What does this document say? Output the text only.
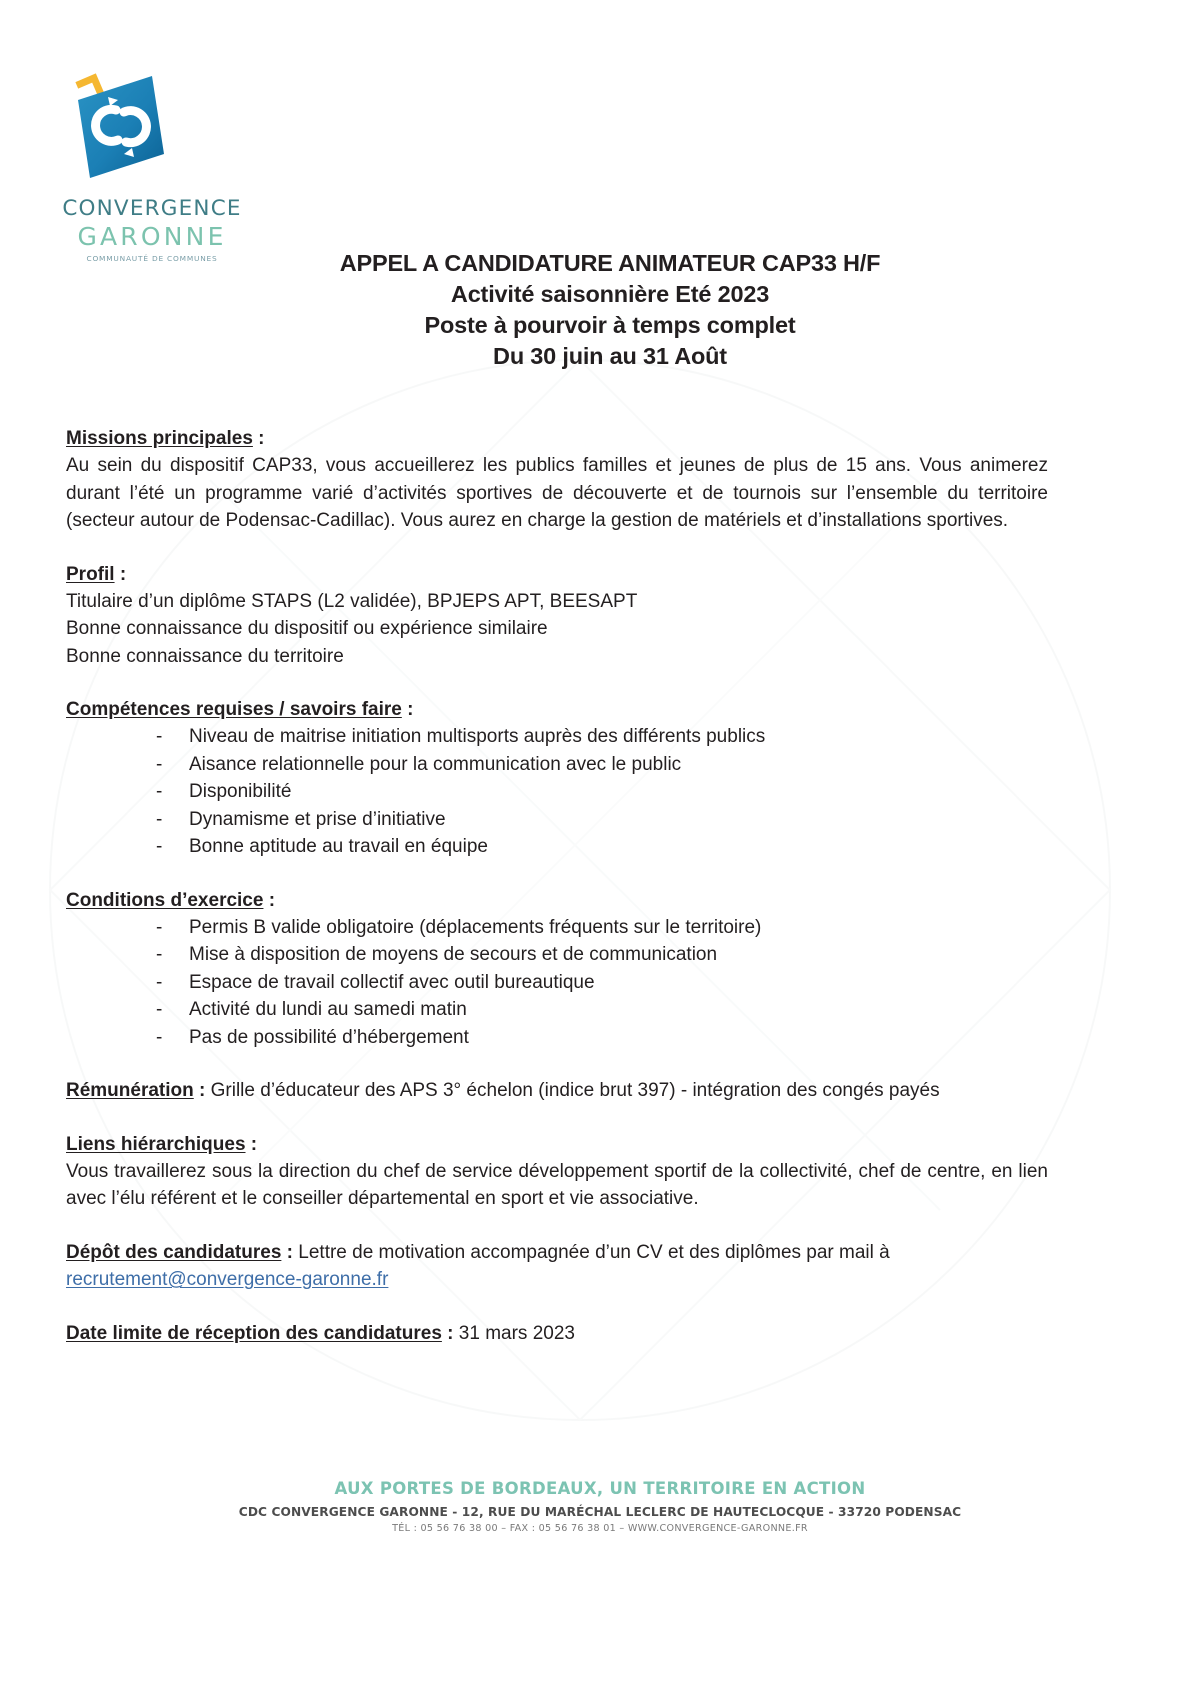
CONVERGENCE
GARONNE
COMMUNAUTÉ DE COMMUNES	APPEL A CANDIDATURE ANIMATEUR CAP33 H/F
Activité saisonnière Eté 2023
Poste à pourvoir à temps complet
Du 30 juin au 31 Août
Missions principales :
Au sein du dispositif CAP33, vous accueillerez les publics familles et jeunes de plus de 15 ans. Vous animerez durant l’été un programme varié d’activités sportives de découverte et de tournois sur l’ensemble du territoire (secteur autour de Podensac-Cadillac). Vous aurez en charge la gestion de matériels et d’installations sportives.
Profil :
Titulaire d’un diplôme STAPS (L2 validée), BPJEPS APT, BEESAPT
Bonne connaissance du dispositif ou expérience similaire
Bonne connaissance du territoire
Compétences requises / savoirs faire :
- Niveau de maitrise initiation multisports auprès des différents publics
- Aisance relationnelle pour la communication avec le public
- Disponibilité
- Dynamisme et prise d’initiative
- Bonne aptitude au travail en équipe
Conditions d’exercice :
- Permis B valide obligatoire (déplacements fréquents sur le territoire)
- Mise à disposition de moyens de secours et de communication
- Espace de travail collectif avec outil bureautique
- Activité du lundi au samedi matin
- Pas de possibilité d’hébergement
Rémunération : Grille d’éducateur des APS 3° échelon (indice brut 397) - intégration des congés payés
Liens hiérarchiques :
Vous travaillerez sous la direction du chef de service développement sportif de la collectivité, chef de centre, en lien avec l’élu référent et le conseiller départemental en sport et vie associative.
Dépôt des candidatures : Lettre de motivation accompagnée d’un CV et des diplômes par mail à
recrutement@convergence-garonne.fr
Date limite de réception des candidatures : 31 mars 2023
AUX PORTES DE BORDEAUX, UN TERRITOIRE EN ACTION
CDC CONVERGENCE GARONNE - 12, RUE DU MARÉCHAL LECLERC DE HAUTECLOCQUE - 33720 PODENSAC
TÉL : 05 56 76 38 00 – FAX : 05 56 76 38 01 – WWW.CONVERGENCE-GARONNE.FR
